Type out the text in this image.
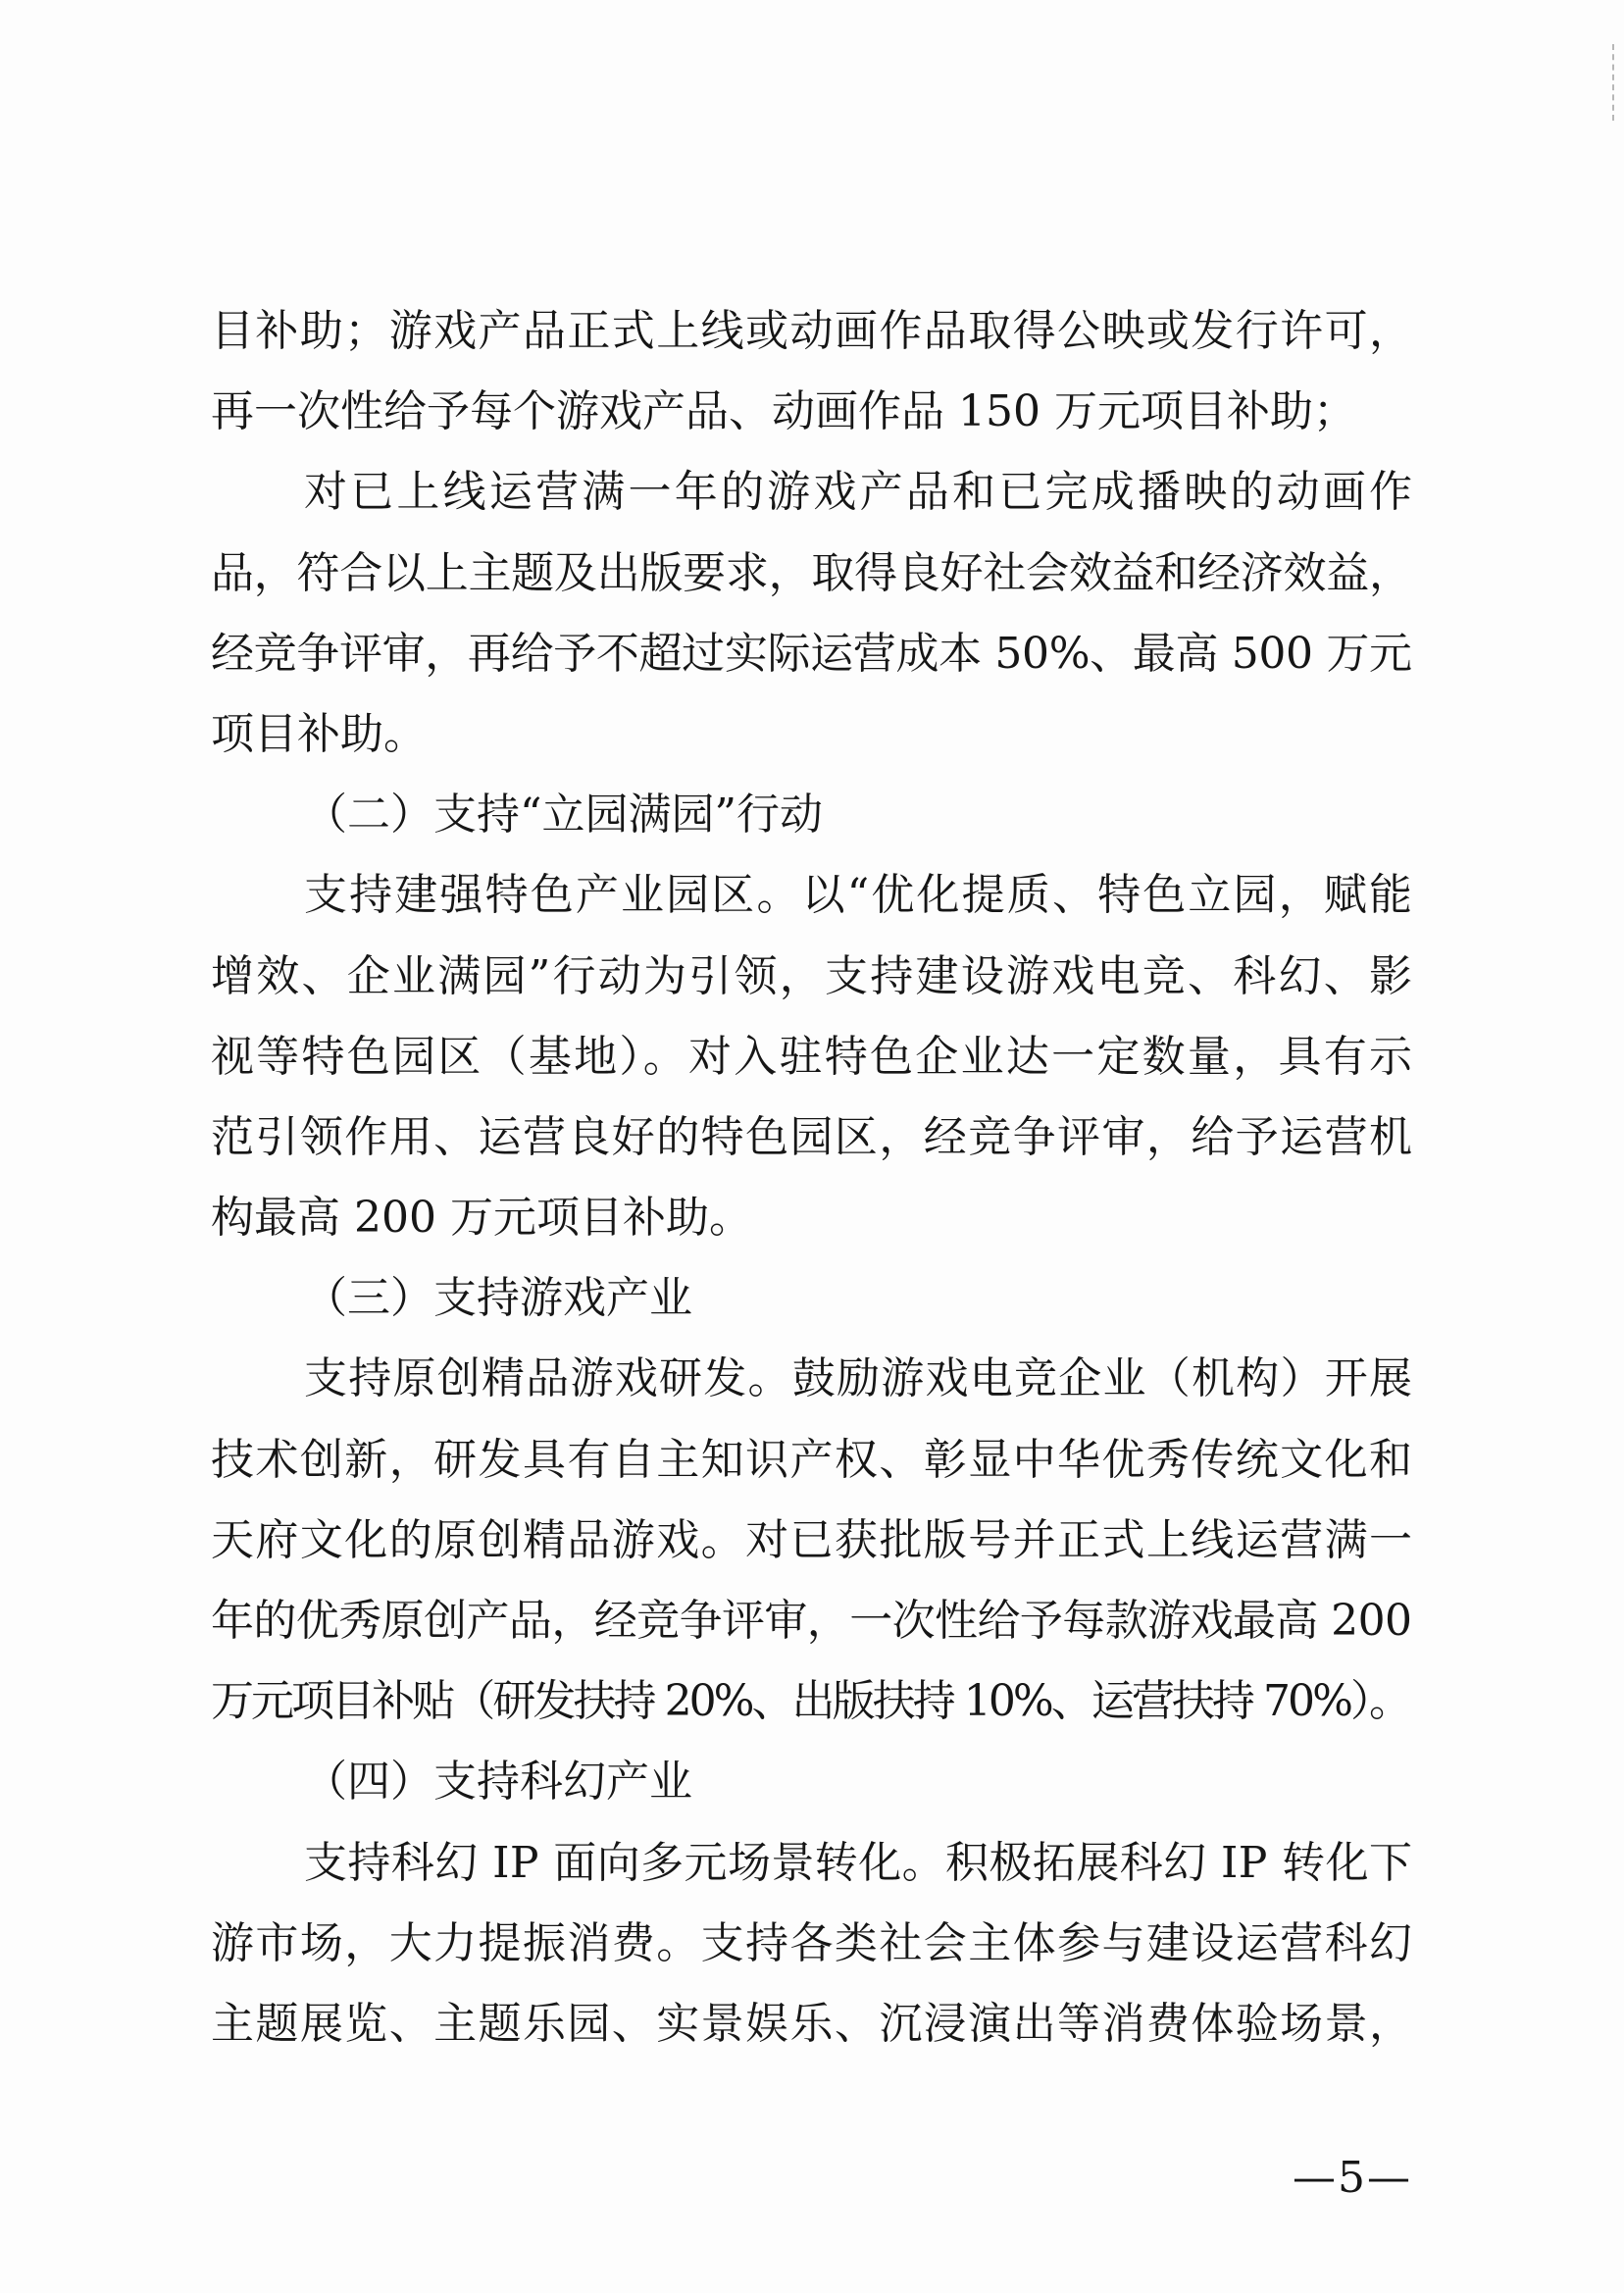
目补助；游戏产品正式上线或动画作品取得公映或发行许可，
再一次性给予每个游戏产品、动画作品 150 万元项目补助；
对已上线运营满一年的游戏产品和已完成播映的动画作
品，符合以上主题及出版要求，取得良好社会效益和经济效益，
经竞争评审，再给予不超过实际运营成本 50%、最高 500 万元
项目补助。
（二）支持“立园满园”行动
支持建强特色产业园区。以“优化提质、特色立园，赋能
增效、企业满园”行动为引领，支持建设游戏电竞、科幻、影
视等特色园区（基地）。对入驻特色企业达一定数量，具有示
范引领作用、运营良好的特色园区，经竞争评审，给予运营机
构最高 200 万元项目补助。
（三）支持游戏产业
支持原创精品游戏研发。鼓励游戏电竞企业（机构）开展
技术创新，研发具有自主知识产权、彰显中华优秀传统文化和
天府文化的原创精品游戏。对已获批版号并正式上线运营满一
年的优秀原创产品，经竞争评审，一次性给予每款游戏最高 200
万元项目补贴（研发扶持 20%、出版扶持 10%、运营扶持 70%）。
（四）支持科幻产业
支持科幻 IP 面向多元场景转化。积极拓展科幻 IP 转化下
游市场，大力提振消费。支持各类社会主体参与建设运营科幻
主题展览、主题乐园、实景娱乐、沉浸演出等消费体验场景，
—5—
